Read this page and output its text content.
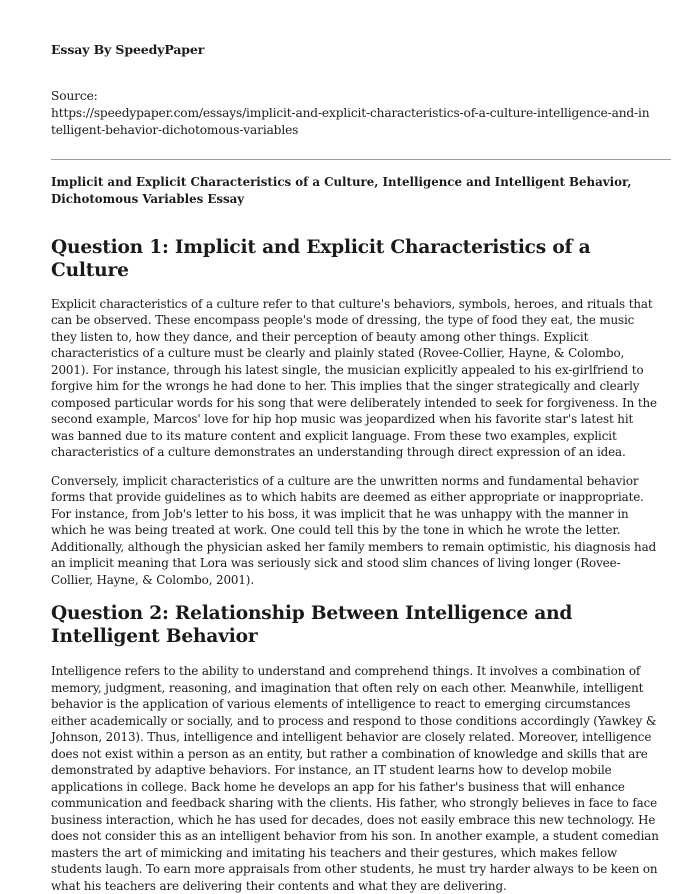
Essay By SpeedyPaper

Source:

https://speedypaper.com/essays/implicit-and-explicit-characteristics-of-a-culture-intelligence-and-intelligent-behavior-dichotomous-variables

Implicit and Explicit Characteristics of a Culture, Intelligence and Intelligent Behavior, Dichotomous Variables Essay
Question 1: Implicit and Explicit Characteristics of a Culture

Explicit characteristics of a culture refer to that culture's behaviors, symbols, heroes, and rituals that can be observed. These encompass people's mode of dressing, the type of food they eat, the music they listen to, how they dance, and their perception of beauty among other things. Explicit characteristics of a culture must be clearly and plainly stated (Rovee-Collier, Hayne, & Colombo, 2001). For instance, through his latest single, the musician explicitly appealed to his ex-girlfriend to forgive him for the wrongs he had done to her. This implies that the singer strategically and clearly composed particular words for his song that were deliberately intended to seek for forgiveness. In the second example, Marcos' love for hip hop music was jeopardized when his favorite star's latest hit was banned due to its mature content and explicit language. From these two examples, explicit characteristics of a culture demonstrates an understanding through direct expression of an idea.

Conversely, implicit characteristics of a culture are the unwritten norms and fundamental behavior forms that provide guidelines as to which habits are deemed as either appropriate or inappropriate. For instance, from Job's letter to his boss, it was implicit that he was unhappy with the manner in which he was being treated at work. One could tell this by the tone in which he wrote the letter. Additionally, although the physician asked her family members to remain optimistic, his diagnosis had an implicit meaning that Lora was seriously sick and stood slim chances of living longer (Rovee-Collier, Hayne, & Colombo, 2001).

Question 2: Relationship Between Intelligence and Intelligent Behavior

Intelligence refers to the ability to understand and comprehend things. It involves a combination of memory, judgment, reasoning, and imagination that often rely on each other. Meanwhile, intelligent behavior is the application of various elements of intelligence to react to emerging circumstances either academically or socially, and to process and respond to those conditions accordingly (Yawkey & Johnson, 2013). Thus, intelligence and intelligent behavior are closely related. Moreover, intelligence does not exist within a person as an entity, but rather a combination of knowledge and skills that are demonstrated by adaptive behaviors. For instance, an IT student learns how to develop mobile applications in college. Back home he develops an app for his father's business that will enhance communication and feedback sharing with the clients. His father, who strongly believes in face to face business interaction, which he has used for decades, does not easily embrace this new technology. He does not consider this as an intelligent behavior from his son. In another example, a student comedian masters the art of mimicking and imitating his teachers and their gestures, which makes fellow students laugh. To earn more appraisals from other students, he must try harder always to be keen on what his teachers are delivering their contents and what they are delivering.
